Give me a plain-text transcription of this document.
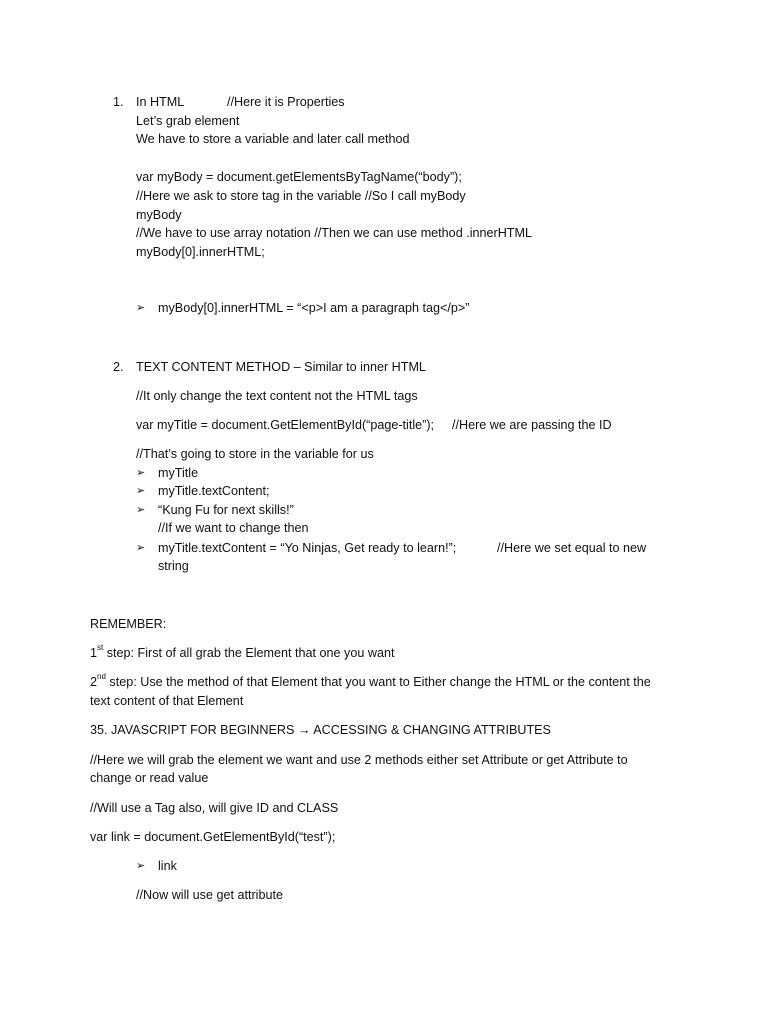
1. In HTML	//Here it is Properties
Let’s grab element
We have to store a variable and later call method
var myBody = document.getElementsByTagName(“body”);
//Here we ask to store tag in the variable //So I call myBody
myBody
//We have to use array notation //Then we can use method .innerHTML
myBody[0].innerHTML;
➢ myBody[0].innerHTML = “<p>I am a paragraph tag</p>”
2. TEXT CONTENT METHOD – Similar to inner HTML
//It only change the text content not the HTML tags
var myTitle = document.GetElementById(“page-title”); //Here we are passing the ID
//That’s going to store in the variable for us
➢ myTitle
➢ myTitle.textContent;
➢ “Kung Fu for next skills!”
//If we want to change then
➢ myTitle.textContent = “Yo Ninjas, Get ready to learn!”;	//Here we set equal to new
string
REMEMBER:
1st step: First of all grab the Element that one you want
2nd step: Use the method of that Element that you want to Either change the HTML or the content the
text content of that Element
35. JAVASCRIPT FOR BEGINNERS → ACCESSING & CHANGING ATTRIBUTES
//Here we will grab the element we want and use 2 methods either set Attribute or get Attribute to
change or read value
//Will use a Tag also, will give ID and CLASS
var link = document.GetElementById(“test”);
➢ link
//Now will use get attribute
